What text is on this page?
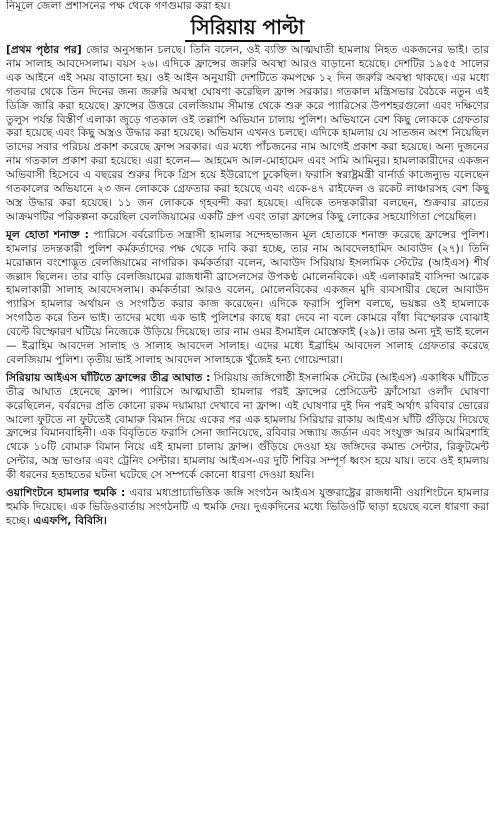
নিমূলে জেলা প্রশাসনের পক্ষ থেকে গণগুমার করা হয়।
সিরিয়ায় পাল্টা

[প্রথম পৃষ্ঠার পর] জোর অনুসন্ধান চলছে। তিনি বলেন, ওই ব্যক্তি আত্মঘাতী হামলায় নিহত একজনের ভাই। তার নাম সালাহ আবদেসলাম। বয়স ২৬। এদিকে ফ্রান্সের জরুরি অবস্থা আরও বাড়ানো হয়েছে। দেশটির ১৯৫৫ সালের এক আইনে এই সময় বাড়ানো হয়। ওই আইন অনুযায়ী দেশটিতে কমপক্ষে ১২ দিন জরুরি অবস্থা থাকছে। এর মধ্যে গতবার থেকে তিন দিনের জন্য জরুরি অবস্থা ঘোষণা করেছিল ফ্রান্স সরকার। গতকাল মন্ত্রিসভার বৈঠকে নতুন এই ডিক্রি জারি করা হয়েছে। ফ্রান্সের উত্তরে বেলজিয়াম সীমান্ত থেকে শুরু করে প্যারিসের উপশহরগুলো এবং দক্ষিণের তুলুস পর্যন্ত বিস্তীর্ণ এলাকা জুড়ে গতকাল ওই তল্লাশি অভিযান চালায় পুলিশ। অভিযানে বেশ কিছু লোককে গ্রেফতার করা হয়েছে এবং কিছু অস্ত্রও উদ্ধার করা হয়েছে। অভিযান এখনও চলছে। এদিকে হামলায় যে সাতজন অংশ নিয়েছিল তাদের সবার পরিচয় প্রকাশ করেছে ফ্রান্স সরকার। এর মধ্যে পাঁচজনের নাম আগেই প্রকাশ করা হয়েছে। অন্য দুজনের নাম গতকাল প্রকাশ করা হয়েছে। এরা হলেন— আহমেদ আল-মোহামেদ এবং সামি আমিনুর। হামলাকারীদের একজন অভিবাসী হিসেবে এ বছরের শুরুর দিকে গ্রিস হয়ে ইউরোপে ঢুকেছিল। ফরাসি স্বরাষ্ট্রমন্ত্রী বার্নার্ড কাজেন্যুভ বলেছেন গতকালের অভিযানে ২৩ জন লোককে গ্রেফতার করা হয়েছে এবং একে-৪৭ রাইফেল ও রকেট লাঞ্চারসহ বেশ কিছু অস্ত্র উদ্ধার করা হয়েছে। ১১ জন লোককে গৃহবন্দী করা হয়েছে। এদিকে তদন্তকারীরা বলছেন, শুক্রবার রাতের আক্রমণটির পরিকল্পনা করেছিল বেলজিয়ামের একটি গ্রুপ এবং তারা ফ্রান্সের কিছু লোকের সহযোগিতা পেয়েছিল।

মূল হোতা শনাক্ত : প্যারিসে বর্বরোচিত সন্ত্রাসী হামলার সন্দেহভাজন মূল হোতাকে শনাক্ত করেছে ফ্রান্সের পুলিশ। হামলার তদন্তকারী পুলিশ কর্মকর্তাদের পক্ষ থেকে দাবি করা হচ্ছে, তার নাম আবদেলহামিদ আবাউদ (২৭)। তিনি মরোক্কান বংশোদ্ভূত বেলজিয়ামের নাগরিক। কর্মকর্তারা বলেন, আবাউদ সিরিয়ায় ইসলামিক স্টেটের (আইএস) শীর্ষ জল্লাদ ছিলেন। তার বাড়ি বেলজিয়ামের রাজধানী ব্রাসেলসের উপকণ্ঠ মোলেনবিকে। এই এলাকারই বাসিন্দা আরেক হামলাকারী সালাহ আবদেসলাম। কর্মকর্তারা আরও বলেন, মোলেনবিকের একজন মুদি ব্যবসায়ীর ছেলে আবাউদ প্যারিস হামলার অর্থায়ন ও সংগঠিত করার কাজ করেছেন। এদিকে ফরাসি পুলিশ বলছে, ভয়ঙ্কর ওই হামলাকে সংগঠিত করে তিন ভাই। তাদের মধ্যে এক ভাই পুলিশের কাছে ধরা দেবে না বলে কোমরে বাঁধা বিস্ফোরক বোঝাই বেল্টে বিস্ফোরণ ঘটিয়ে নিজেকে উড়িয়ে দিয়েছে। তার নাম ওমর ইসমাইল মোস্তেফাই (২৯)। তার অন্য দুই ভাই হলেন— ইব্রাহিম আবদেল সালাহ ও সালাহ আবদেল সালাহ। এদের মধ্যে ইব্রাহিম আবদেল সালাহ গ্রেফতার করেছে বেলজিয়াম পুলিশ। তৃতীয় ভাই সালাহ আবদেল সালাহকে খুঁজেই হন্য গোয়েন্দারা।

সিরিয়ায় আইএস ঘাঁটিতে ফ্রান্সের তীব্র আঘাত : সিরিয়ায় জঙ্গিগোষ্ঠী ইসলামিক স্টেটের (আইএস) একাধিক ঘাঁটিতে তীব্র আঘাত হেনেছে ফ্রান্স। প্যারিসে আত্মঘাতী হামলার পরই ফ্রান্সের প্রেসিডেন্ট ফ্রাঁসোয়া ওলাঁদ ঘোষণা করেছিলেন, বর্বরদের প্রতি কোনো রকম দয়ামায়া দেখাবে না ফ্রান্স। এই ঘোষণার দুই দিন পরই অর্থাৎ রবিবার ভোরের আলো ফুটতে না ফুটতেই বোমারু বিমান দিয়ে একের পর এক হামলায় সিরিয়ার রাকায় আইএস ঘাঁটি গুঁড়িয়ে দিয়েছে ফ্রান্সের বিমানবাহিনী। এক বিবৃতিতে ফরাসি সেনা জানিয়েছে, রবিবার সন্ধ্যায় জর্ডান এবং সংযুক্ত আরব আমিরশাহি থেকে ১০টি বোমারু বিমান নিয়ে এই হামলা চালায় ফ্রান্স। গুঁড়িয়ে দেওয়া হয় জঙ্গিদের কমান্ড সেন্টার, রিক্রুটমেন্ট সেন্টার, অস্ত্র ভাণ্ডার এবং ট্রেনিং সেন্টার। হামলায় আইএস-এর দুটি শিবির সম্পূর্ণ ধ্বংস হয়ে যায়। তবে ওই হামলায় কী ধরনের হতাহতের ঘটনা ঘটেছে সে সম্পর্কে কোনো ধারণা দেওয়া হয়নি।

ওয়াশিংটনে হামলার হুমকি : এবার মধ্যপ্রাচ্যভিত্তিক জঙ্গি সংগঠন আইএস যুক্তরাষ্ট্রের রাজধানী ওয়াশিংটনে হামলার হুমকি দিয়েছে। এক ভিডিওবার্তায় সংগঠনটি এ হুমকি দেয়। দুএকদিনের মধ্যে ভিডিওটি ছাড়া হয়েছে বলে ধারণা করা হচ্ছে। এএফপি, বিবিসি।
